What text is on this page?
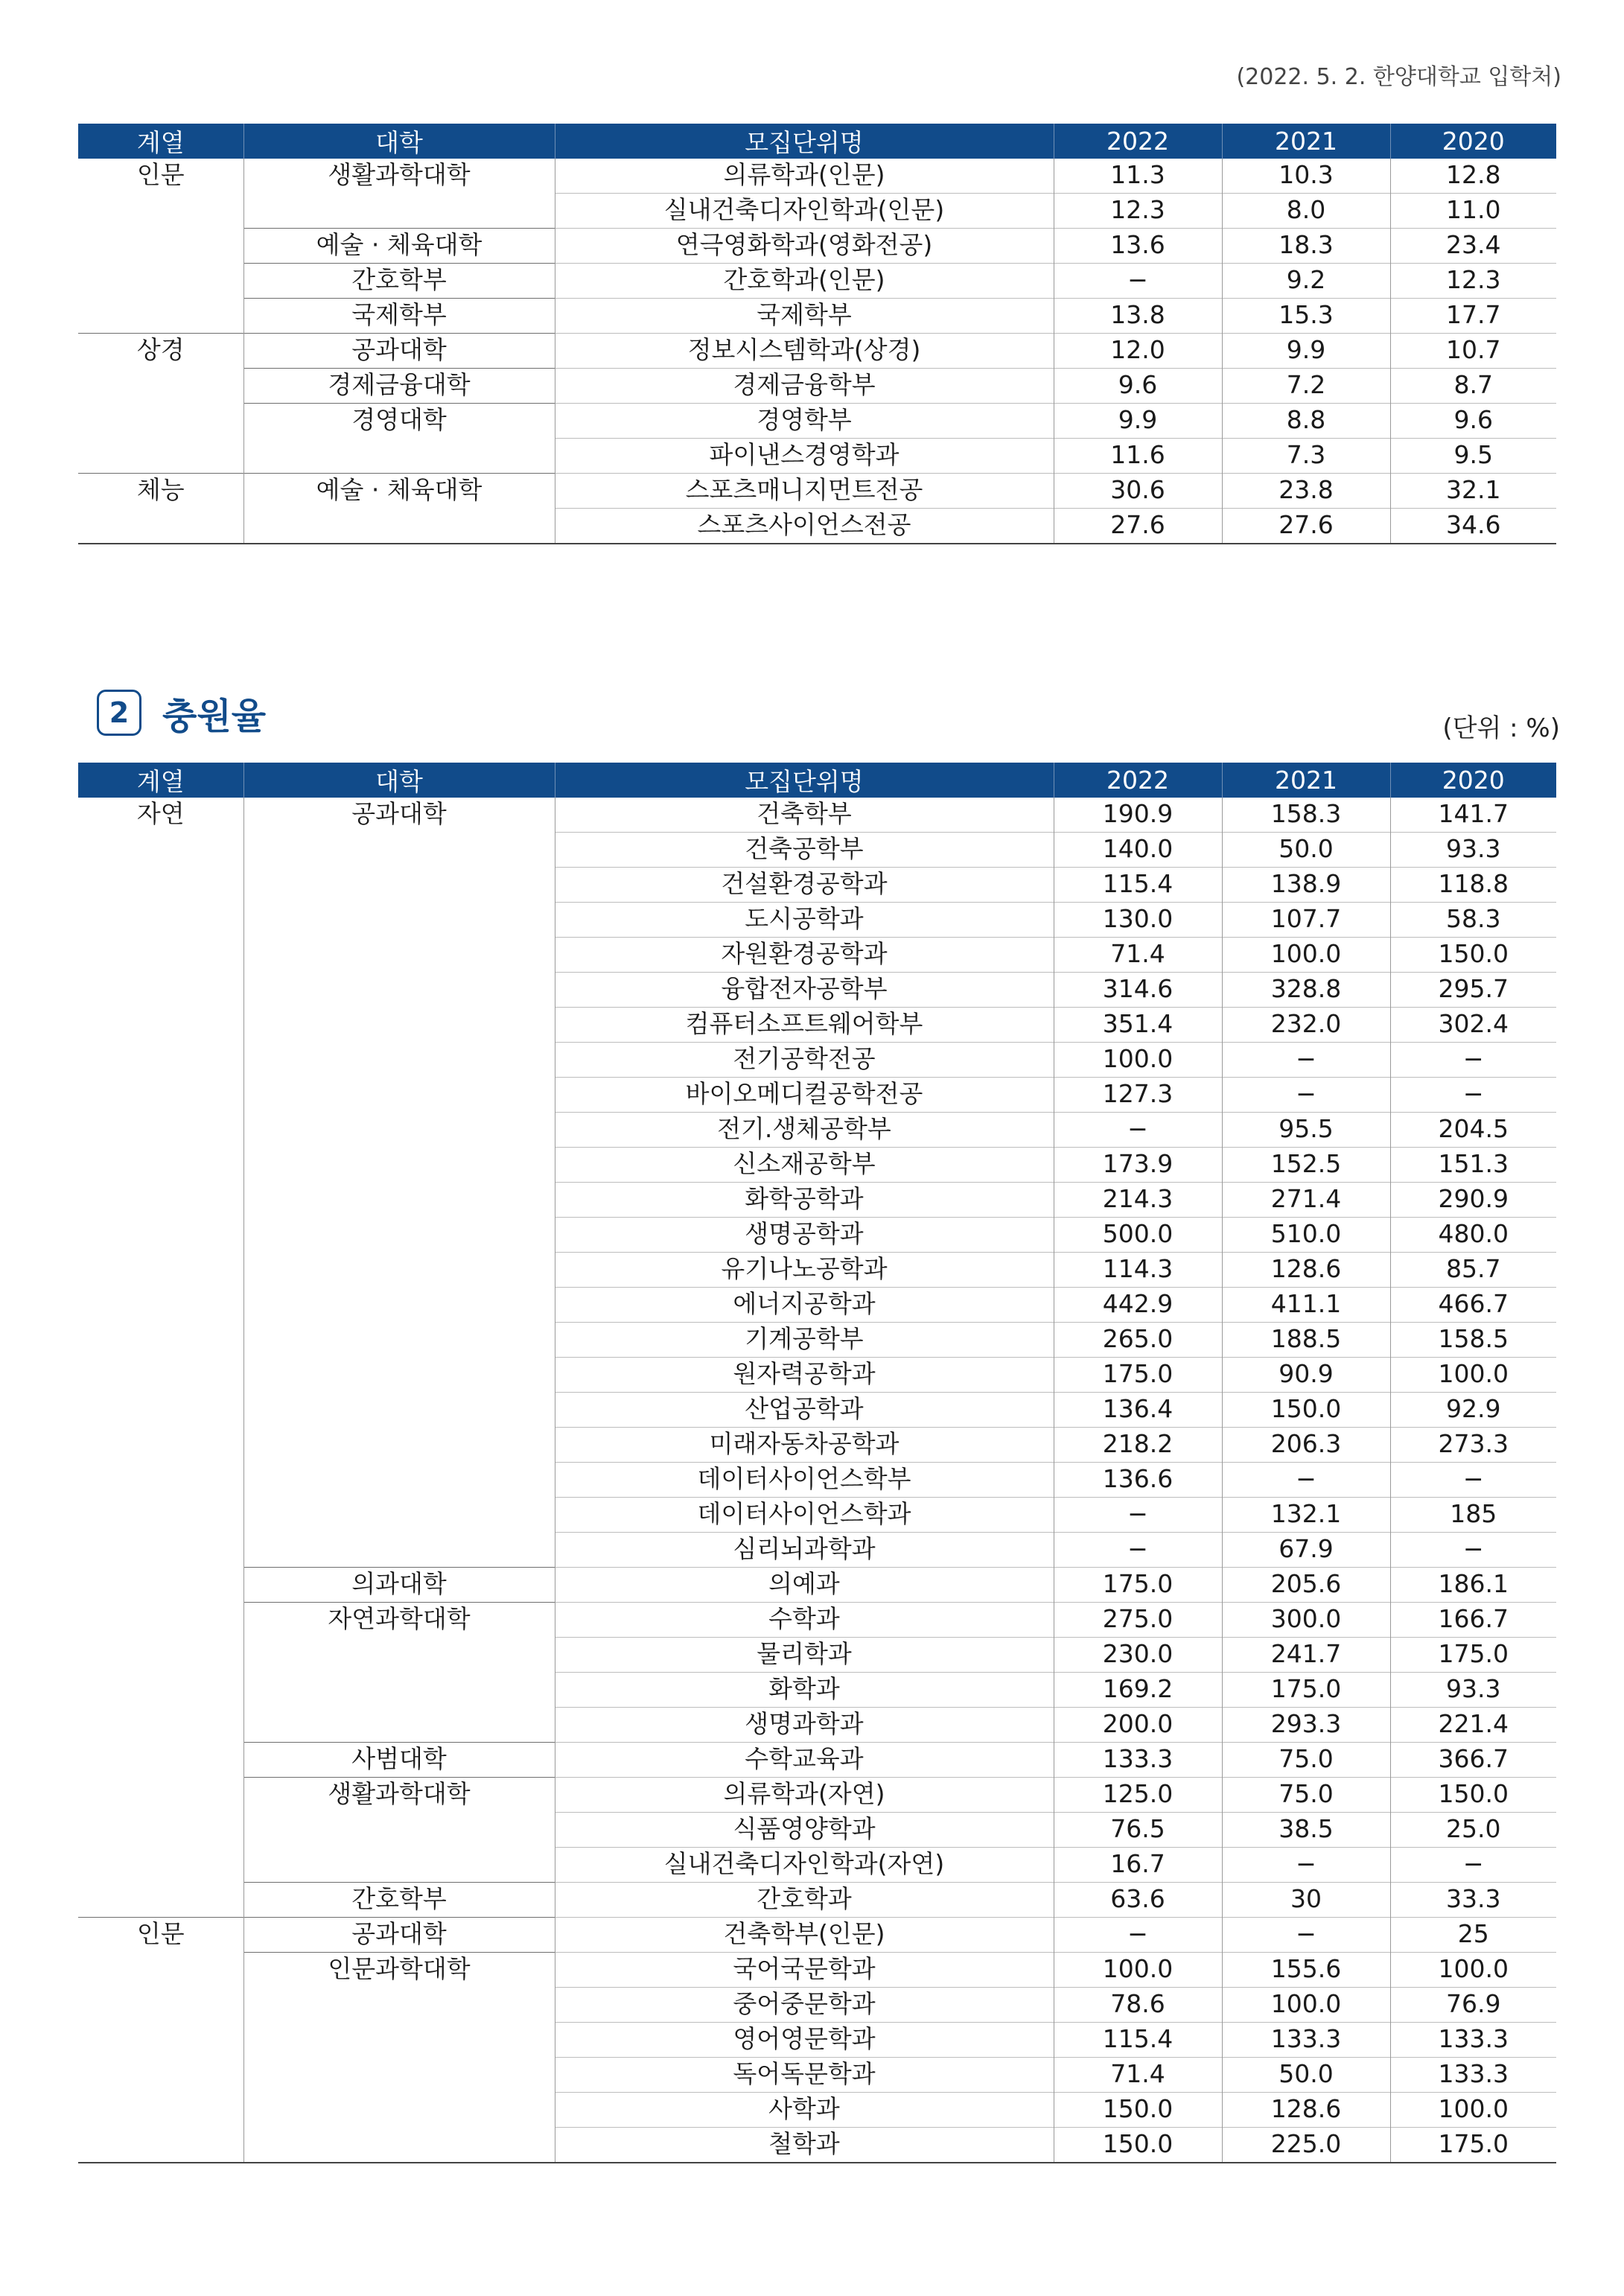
(2022. 5. 2. 한양대학교 입학처)
계열	대학	모집단위명	2022	2021	2020
인문	생활과학대학	의류학과(인문)	11.3	10.3	12.8
		실내건축디자인학과(인문)	12.3	8.0	11.0
	예술 · 체육대학	연극영화학과(영화전공)	13.6	18.3	23.4
	간호학부	간호학과(인문)	−	9.2	12.3
	국제학부	국제학부	13.8	15.3	17.7
상경	공과대학	정보시스템학과(상경)	12.0	9.9	10.7
	경제금융대학	경제금융학부	9.6	7.2	8.7
	경영대학	경영학부	9.9	8.8	9.6
		파이낸스경영학과	11.6	7.3	9.5
체능	예술 · 체육대학	스포츠매니지먼트전공	30.6	23.8	32.1
		스포츠사이언스전공	27.6	27.6	34.6
2 충원율	(단위 : %)
계열	대학	모집단위명	2022	2021	2020
자연	공과대학	건축학부	190.9	158.3	141.7
		건축공학부	140.0	50.0	93.3
		건설환경공학과	115.4	138.9	118.8
		도시공학과	130.0	107.7	58.3
		자원환경공학과	71.4	100.0	150.0
		융합전자공학부	314.6	328.8	295.7
		컴퓨터소프트웨어학부	351.4	232.0	302.4
		전기공학전공	100.0	−	−
		바이오메디컬공학전공	127.3	−	−
		전기.생체공학부	−	95.5	204.5
		신소재공학부	173.9	152.5	151.3
		화학공학과	214.3	271.4	290.9
		생명공학과	500.0	510.0	480.0
		유기나노공학과	114.3	128.6	85.7
		에너지공학과	442.9	411.1	466.7
		기계공학부	265.0	188.5	158.5
		원자력공학과	175.0	90.9	100.0
		산업공학과	136.4	150.0	92.9
		미래자동차공학과	218.2	206.3	273.3
		데이터사이언스학부	136.6	−	−
		데이터사이언스학과	−	132.1	185
		심리뇌과학과	−	67.9	−
	의과대학	의예과	175.0	205.6	186.1
	자연과학대학	수학과	275.0	300.0	166.7
		물리학과	230.0	241.7	175.0
		화학과	169.2	175.0	93.3
		생명과학과	200.0	293.3	221.4
	사범대학	수학교육과	133.3	75.0	366.7
	생활과학대학	의류학과(자연)	125.0	75.0	150.0
		식품영양학과	76.5	38.5	25.0
		실내건축디자인학과(자연)	16.7	−	−
	간호학부	간호학과	63.6	30	33.3
인문	공과대학	건축학부(인문)	−	−	25
	인문과학대학	국어국문학과	100.0	155.6	100.0
		중어중문학과	78.6	100.0	76.9
		영어영문학과	115.4	133.3	133.3
		독어독문학과	71.4	50.0	133.3
		사학과	150.0	128.6	100.0
		철학과	150.0	225.0	175.0
